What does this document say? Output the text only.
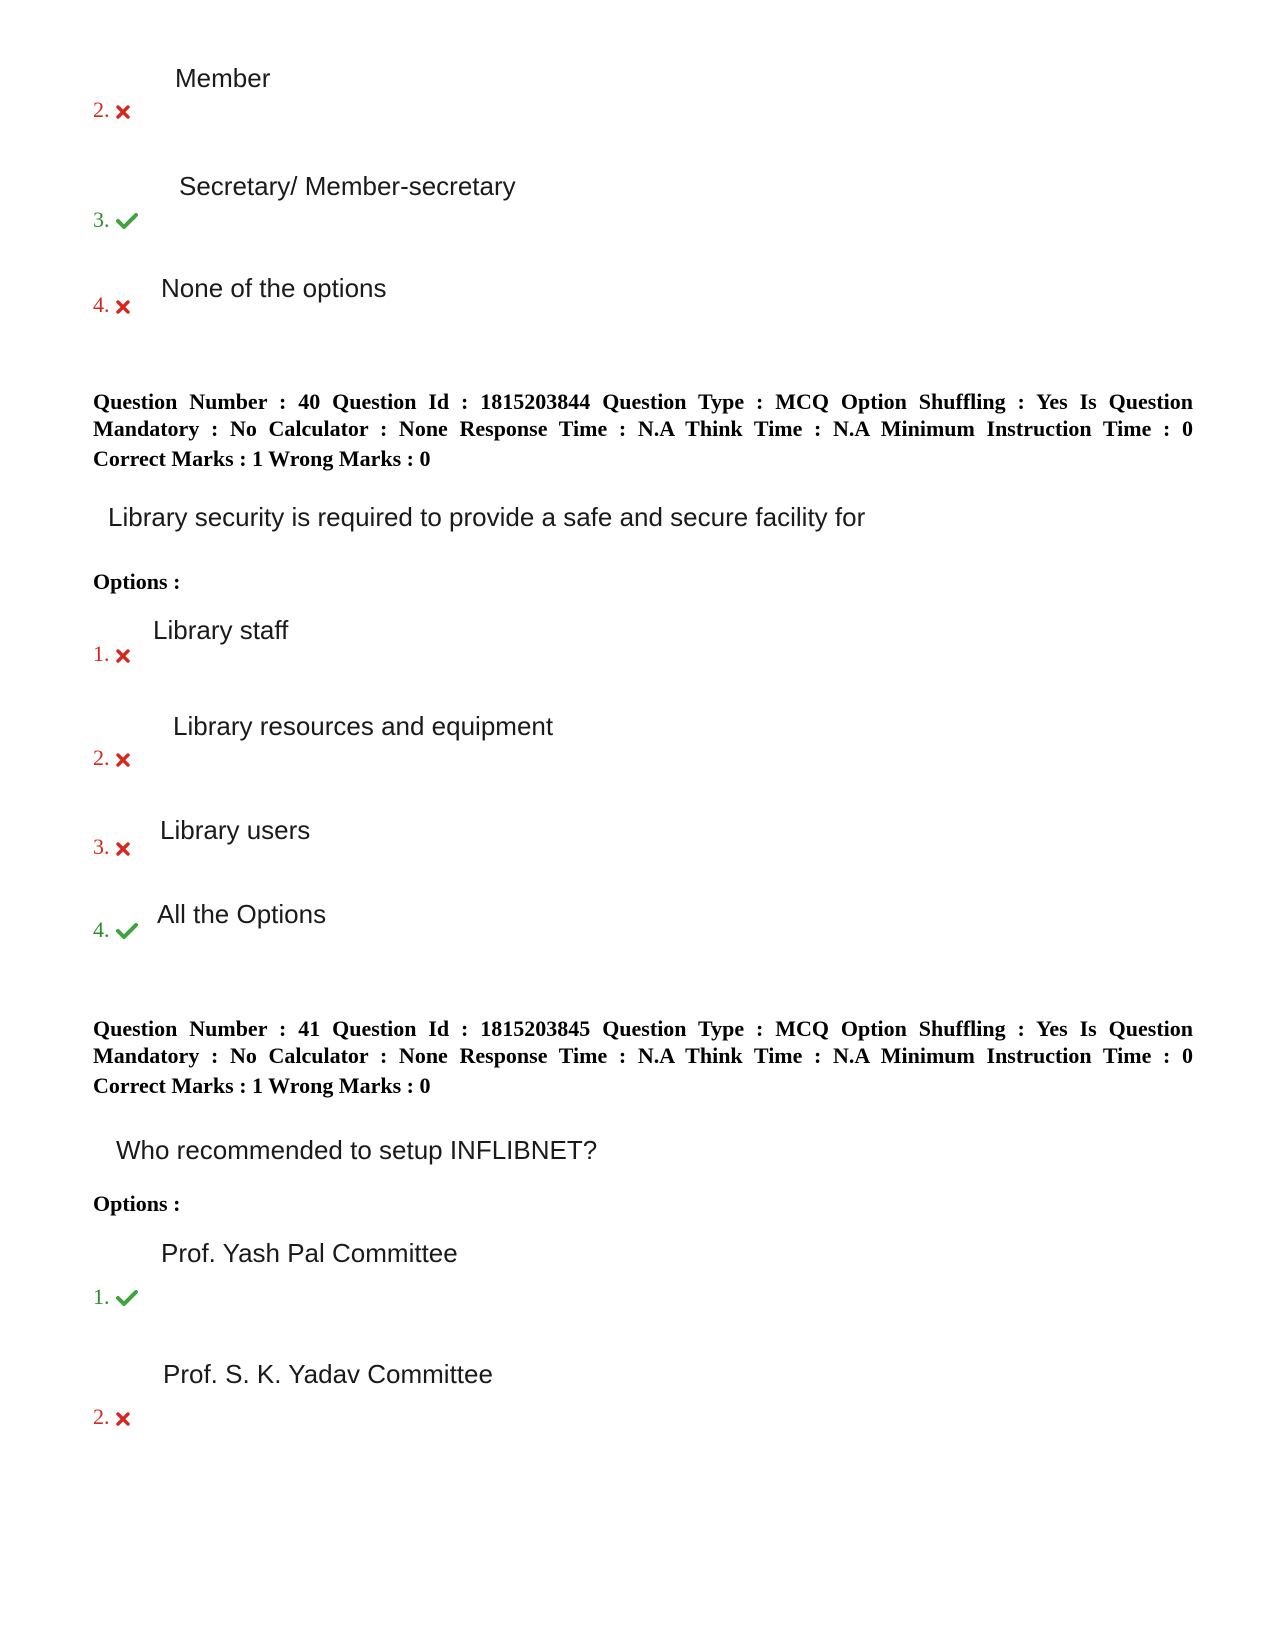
Member
2.
Secretary/ Member-secretary
3.
None of the options
4.
Question Number : 40 Question Id : 1815203844 Question Type : MCQ Option Shuffling : Yes Is Question
Mandatory : No Calculator : None Response Time : N.A Think Time : N.A Minimum Instruction Time : 0
Correct Marks : 1 Wrong Marks : 0
Library security is required to provide a safe and secure facility for
Options :
Library staff
1.
Library resources and equipment
2.
Library users
3.
All the Options
4.
Question Number : 41 Question Id : 1815203845 Question Type : MCQ Option Shuffling : Yes Is Question
Mandatory : No Calculator : None Response Time : N.A Think Time : N.A Minimum Instruction Time : 0
Correct Marks : 1 Wrong Marks : 0
Who recommended to setup INFLIBNET?
Options :
Prof. Yash Pal Committee
1.
Prof. S. K. Yadav Committee
2.
